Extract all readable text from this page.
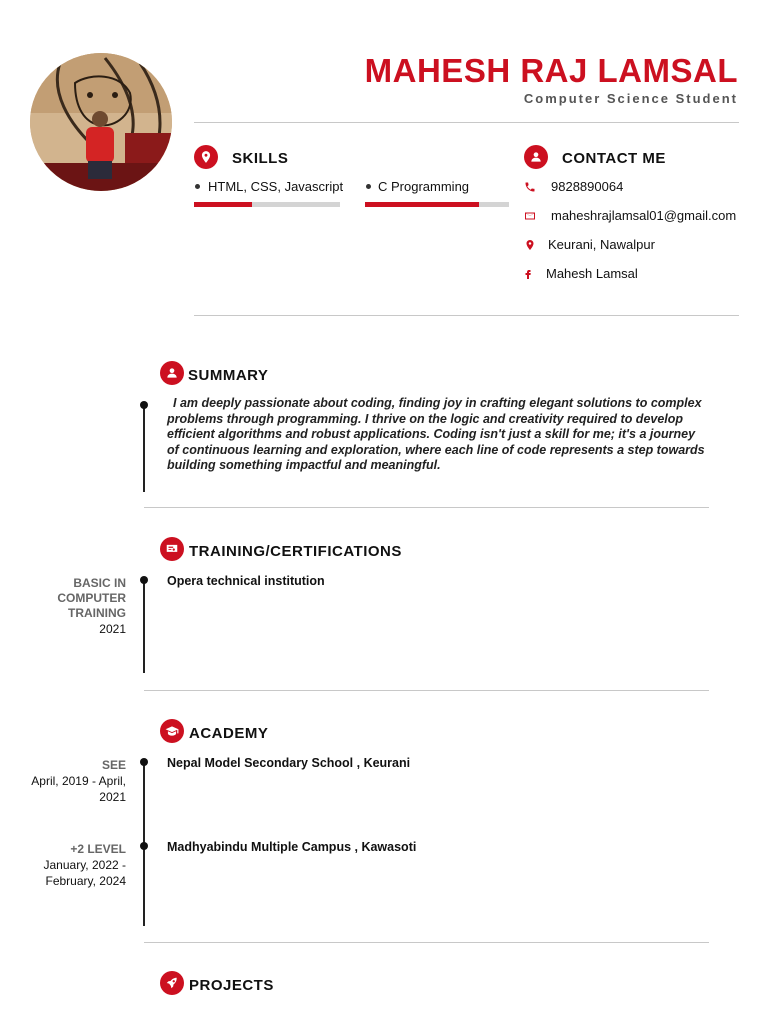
MAHESH RAJ LAMSAL
Computer Science Student
SKILLS
HTML, CSS, Javascript	C Programming
CONTACT ME
9828890064
maheshrajlamsal01@gmail.com
Keurani, Nawalpur
Mahesh Lamsal
SUMMARY
I am deeply passionate about coding, finding joy in crafting elegant solutions to complex problems through programming. I thrive on the logic and creativity required to develop efficient algorithms and robust applications. Coding isn't just a skill for me; it's a journey of continuous learning and exploration, where each line of code represents a step towards building something impactful and meaningful.
TRAINING/CERTIFICATIONS
BASIC IN COMPUTER TRAINING
2021
Opera technical institution
ACADEMY
SEE
April, 2019 - April, 2021
Nepal Model Secondary School , Keurani
+2 LEVEL
January, 2022 - February, 2024
Madhyabindu Multiple Campus , Kawasoti
PROJECTS
